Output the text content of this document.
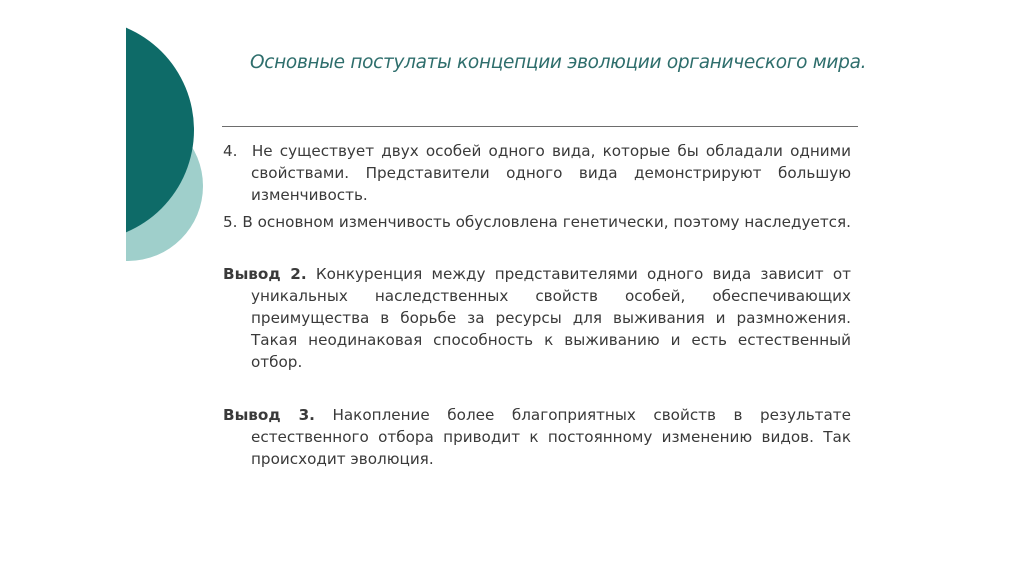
Основные постулаты концепции эволюции органического мира.

4. Не существует двух особей одного вида, которые бы обладали одними свойствами. Представители одного вида демонстрируют большую изменчивость.

5. В основном изменчивость обусловлена генетически, поэтому наследуется.

Вывод 2. Конкуренция между представителями одного вида зависит от уникальных наследственных свойств особей, обеспечивающих преимущества в борьбе за ресурсы для выживания и размножения. Такая неодинаковая способность к выживанию и есть естественный отбор.

Вывод 3. Накопление более благоприятных свойств в результате естественного отбора приводит к постоянному изменению видов. Так происходит эволюция.
